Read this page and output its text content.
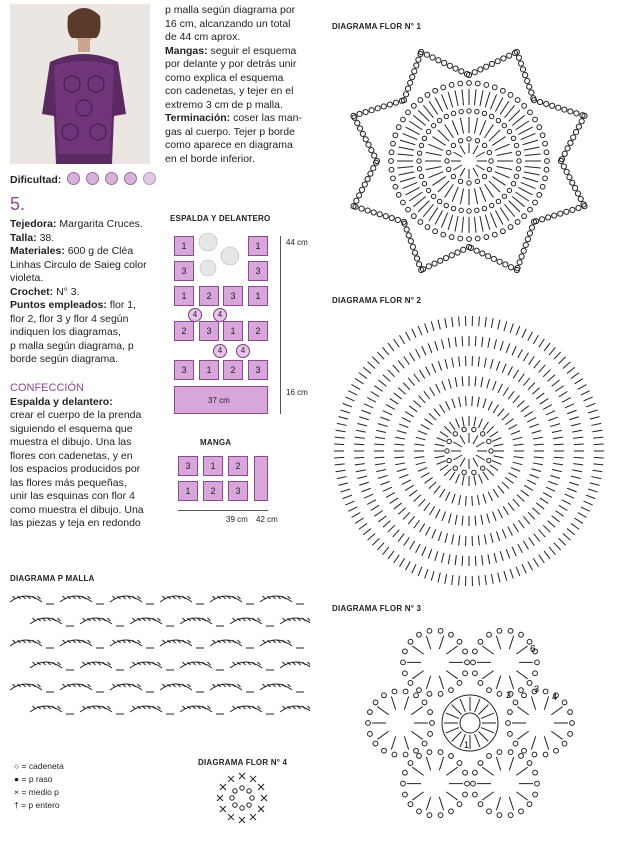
Dificultad:
p malla según diagrama por
16 cm, alcanzando un total
de 44 cm aprox.
Mangas: seguir el esquema
por delante y por detrás unir
como explica el esquema
con cadenetas, y tejer en el
extremo 3 cm de p malla.
Terminación: coser las man-
gas al cuerpo. Tejer p borde
como aparece en diagrama
en el borde inferior.
5.
Tejedora: Margarita Cruces.
Talla: 38.
Materiales: 600 g de Cléa
Linhas Circulo de Saieg color
violeta.
Crochet: N° 3.
Puntos empleados: flor 1,
flor 2, flor 3 y flor 4 según
indiquen los diagramas,
p malla según diagrama, p
borde según diagrama.
CONFECCIÓN
Espalda y delantero:
crear el cuerpo de la prenda
siguiendo el esquema que
muestra el dibujo. Una las
flores con cadenetas, y en
los espacios producidos por
las flores más pequeñas,
unir las esquinas con flor 4
como muestra el dibujo. Una
las piezas y teja en redondo
ESPALDA Y DELANTERO
1	1
3	3
1	2	3	1
4	4
2	3	1	2
4	4
3	1	2	3
37 cm
44 cm
16 cm
MANGA
3	1	2
1	2	3
39 cm 42 cm
DIAGRAMA FLOR N° 1
DIAGRAMA FLOR N° 2
DIAGRAMA FLOR N° 3
DIAGRAMA FLOR N° 4
DIAGRAMA P MALLA
6
2
3
4
1
○ = cadeneta
● = p raso
× = medio p
† = p entero
